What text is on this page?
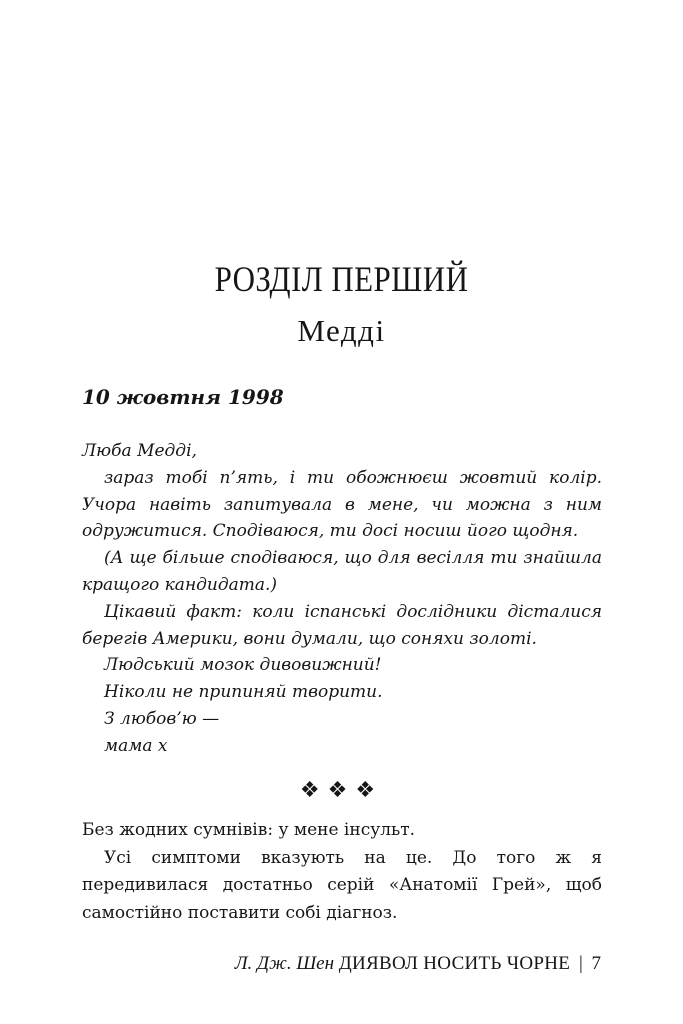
РОЗДІЛ ПЕРШИЙ
Медді
10 жовтня 1998
Люба Медді,
зараз тобі п’ять, і ти обожнюєш жовтий колір. Учора навіть запитувала в мене, чи можна з ним одружитися. Сподіваюся, ти досі носиш його щодня.
(А ще більше сподіваюся, що для весілля ти знайшла кращого кандидата.)
Цікавий факт: коли іспанські дослідники дісталися берегів Америки, вони думали, що соняхи золоті.
Людський мозок дивовижний!
Ніколи не припиняй творити.
З любов’ю —
мама х
❖❖❖
Без жодних сумнівів: у мене інсульт.
Усі симптоми вказують на це. До того ж я передивилася достатньо серій «Анатомії Грей», щоб самостійно поставити собі діагноз.
Л. Дж. Шен ДИЯВОЛ НОСИТЬ ЧОРНЕ | 7
